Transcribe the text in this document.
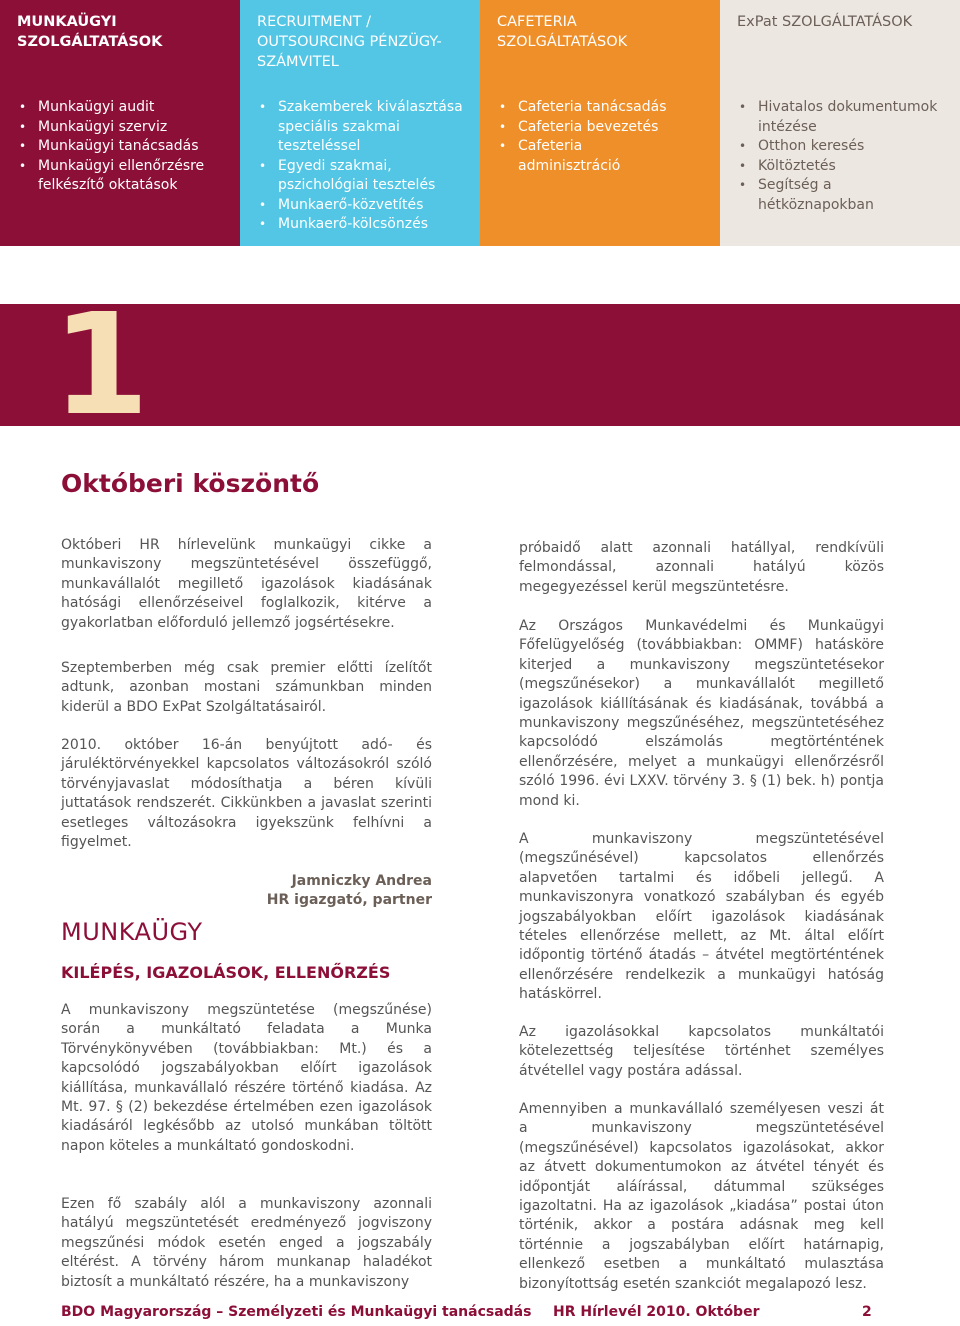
MUNKAÜGYI SZOLGÁLTATÁSOK
• Munkaügyi audit
• Munkaügyi szerviz
• Munkaügyi tanácsadás
• Munkaügyi ellenőrzésre felkészítő oktatások
RECRUITMENT / OUTSOURCING PÉNZÜGY-SZÁMVITEL
• Szakemberek kiválasztása speciális szakmai teszteléssel
• Egyedi szakmai, pszichológiai tesztelés
• Munkaerő-közvetítés
• Munkaerő-kölcsönzés
CAFETERIA SZOLGÁLTATÁSOK
• Cafeteria tanácsadás
• Cafeteria bevezetés
• Cafeteria adminisztráció
ExPat SZOLGÁLTATÁSOK
• Hivatalos dokumentumok intézése
• Otthon keresés
• Költöztetés
• Segítség a hétköznapokban
1
Októberi köszöntő

Októberi HR hírlevelünk munkaügyi cikke a munkaviszony megszüntetésével összefüggő, munkavállalót megillető igazolások kiadásának hatósági ellenőrzéseivel foglalkozik, kitérve a gyakorlatban előforduló jellemző jogsértésekre.

Szeptemberben még csak premier előtti ízelítőt adtunk, azonban mostani számunkban minden kiderül a BDO ExPat Szolgáltatásairól.

2010. október 16-án benyújtott adó- és járuléktörvényekkel kapcsolatos változásokról szóló törvényjavaslat módosíthatja a béren kívüli juttatások rendszerét. Cikkünkben a javaslat szerinti esetleges változásokra igyekszünk felhívni a figyelmet.

Jamniczky Andrea
HR igazgató, partner
MUNKAÜGY
KILÉPÉS, IGAZOLÁSOK, ELLENŐRZÉS

A munkaviszony megszüntetése (megszűnése) során a munkáltató feladata a Munka Törvénykönyvében (továbbiakban: Mt.) és a kapcsolódó jogszabályokban előírt igazolások kiállítása, munkavállaló részére történő kiadása. Az Mt. 97. § (2) bekezdése értelmében ezen igazolások kiadásáról legkésőbb az utolsó munkában töltött napon köteles a munkáltató gondoskodni.

Ezen fő szabály alól a munkaviszony azonnali hatályú megszüntetését eredményező jogviszony megszűnési módok esetén enged a jogszabály eltérést. A törvény három munkanap haladékot biztosít a munkáltató részére, ha a munkaviszony

próbaidő alatt azonnali hatállyal, rendkívüli felmondással, azonnali hatályú közös megegyezéssel kerül megszüntetésre.

Az Országos Munkavédelmi és Munkaügyi Főfelügyelőség (továbbiakban: OMMF) hatásköre kiterjed a munkaviszony megszüntetésekor (megszűnésekor) a munkavállalót megillető igazolások kiállításának és kiadásának, továbbá a munkaviszony megszűnéséhez, megszüntetéséhez kapcsolódó elszámolás megtörténtének ellenőrzésére, melyet a munkaügyi ellenőrzésről szóló 1996. évi LXXV. törvény 3. § (1) bek. h) pontja mond ki.

A munkaviszony megszüntetésével (megszűnésével) kapcsolatos ellenőrzés alapvetően tartalmi és időbeli jellegű. A munkaviszonyra vonatkozó szabályban és egyéb jogszabályokban előírt igazolások kiadásának tételes ellenőrzése mellett, az Mt. által előírt időpontig történő átadás – átvétel megtörténtének ellenőrzésére rendelkezik a munkaügyi hatóság hatáskörrel.

Az igazolásokkal kapcsolatos munkáltatói kötelezettség teljesítése történhet személyes átvétellel vagy postára adással.

Amennyiben a munkavállaló személyesen veszi át a munkaviszony megszüntetésével (megszűnésével) kapcsolatos igazolásokat, akkor az átvett dokumentumokon az átvétel tényét és időpontját aláírással, dátummal szükséges igazoltatni. Ha az igazolások „kiadása” postai úton történik, akkor a postára adásnak meg kell történnie a jogszabályban előírt határnapig, ellenkező esetben a munkáltató mulasztása bizonyítottság esetén szankciót megalapozó lesz.

BDO Magyarország – Személyzeti és Munkaügyi tanácsadás HR Hírlevél 2010. Október	2
